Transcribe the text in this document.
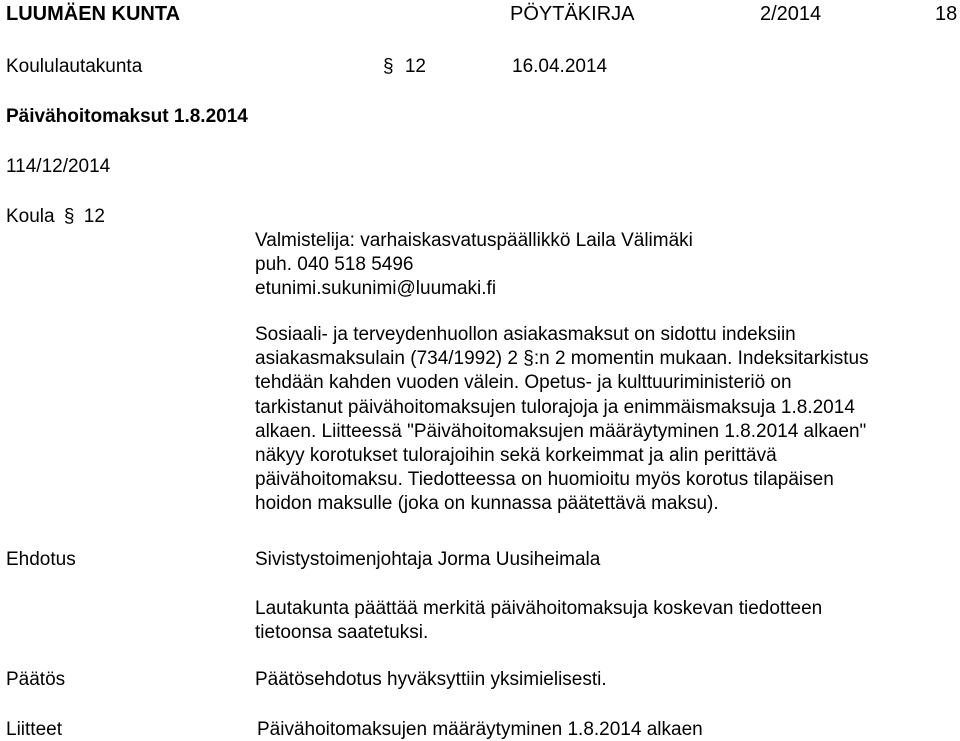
LUUMÄEN KUNTA	PÖYTÄKIRJA	2/2014	18
Koululautakunta	§ 12	16.04.2014
Päivähoitomaksut 1.8.2014
114/12/2014
Koula § 12
Valmistelija: varhaiskasvatuspäällikkö Laila Välimäki
puh. 040 518 5496
etunimi.sukunimi@luumaki.fi
Sosiaali- ja terveydenhuollon asiakasmaksut on sidottu indeksiin
asiakasmaksulain (734/1992) 2 §:n 2 momentin mukaan. Indeksitarkistus
tehdään kahden vuoden välein. Opetus- ja kulttuuriministeriö on
tarkistanut päivähoitomaksujen tulorajoja ja enimmäismaksuja 1.8.2014
alkaen. Liitteessä "Päivähoitomaksujen määräytyminen 1.8.2014 alkaen"
näkyy korotukset tulorajoihin sekä korkeimmat ja alin perittävä
päivähoitomaksu. Tiedotteessa on huomioitu myös korotus tilapäisen
hoidon maksulle (joka on kunnassa päätettävä maksu).
Ehdotus	Sivistystoimenjohtaja Jorma Uusiheimala
Lautakunta päättää merkitä päivähoitomaksuja koskevan tiedotteen
tietoonsa saatetuksi.
Päätös	Päätösehdotus hyväksyttiin yksimielisesti.
Liitteet	Päivähoitomaksujen määräytyminen 1.8.2014 alkaen
